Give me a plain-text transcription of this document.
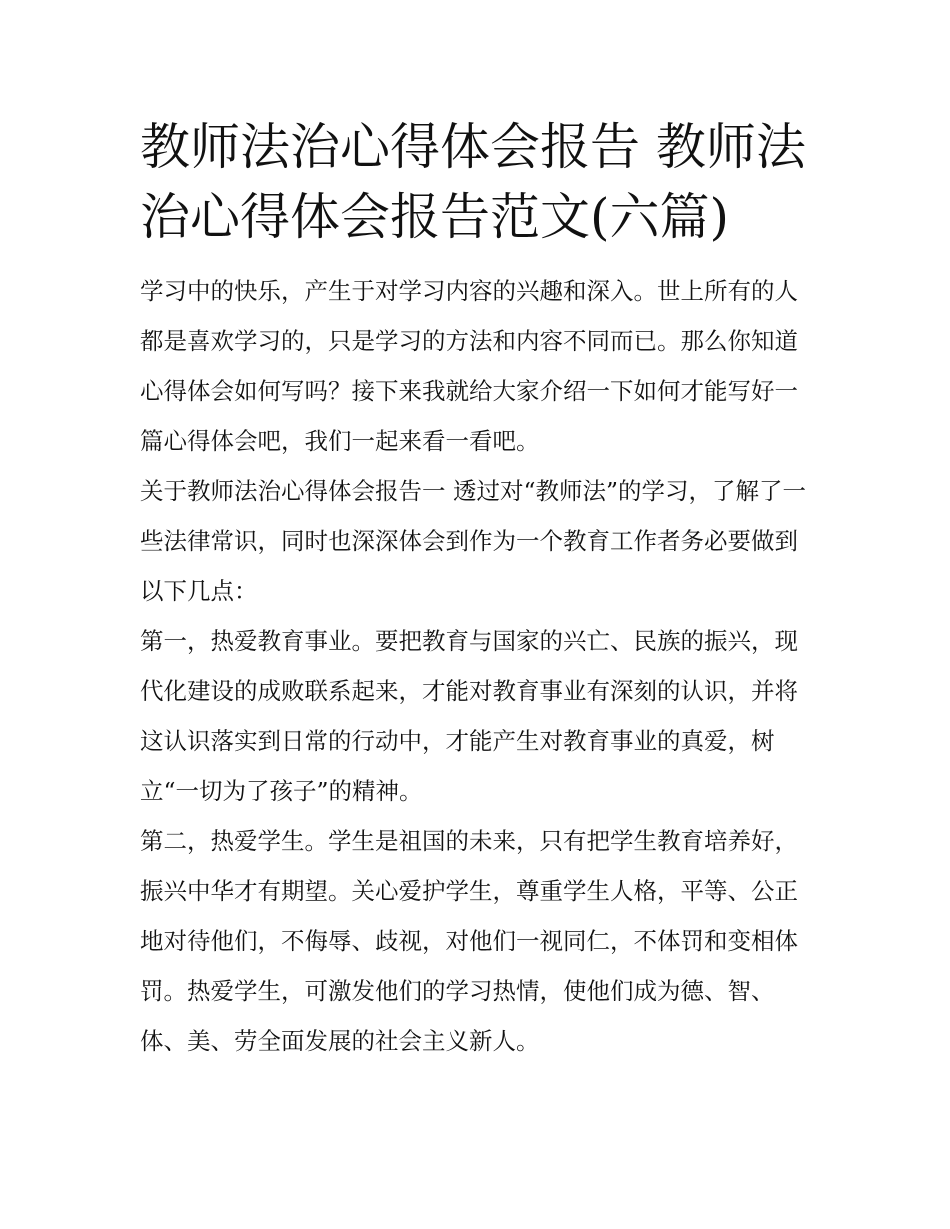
教师法治心得体会报告 教师法治心得体会报告范文(六篇)

学习中的快乐，产生于对学习内容的兴趣和深入。世上所有的人都是喜欢学习的，只是学习的方法和内容不同而已。那么你知道心得体会如何写吗？接下来我就给大家介绍一下如何才能写好一篇心得体会吧，我们一起来看一看吧。

关于教师法治心得体会报告一 透过对“教师法”的学习，了解了一些法律常识，同时也深深体会到作为一个教育工作者务必要做到以下几点：

第一，热爱教育事业。要把教育与国家的兴亡、民族的振兴，现代化建设的成败联系起来，才能对教育事业有深刻的认识，并将这认识落实到日常的行动中，才能产生对教育事业的真爱，树立“一切为了孩子”的精神。

第二，热爱学生。学生是祖国的未来，只有把学生教育培养好，振兴中华才有期望。关心爱护学生，尊重学生人格，平等、公正地对待他们，不侮辱、歧视，对他们一视同仁，不体罚和变相体罚。热爱学生，可激发他们的学习热情，使他们成为德、智、体、美、劳全面发展的社会主义新人。
